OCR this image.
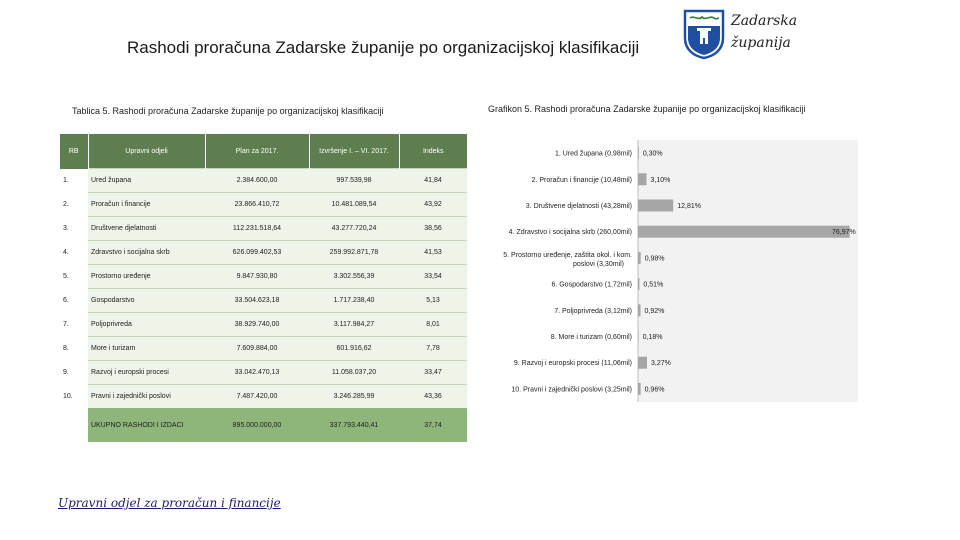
Rashodi proračuna Zadarske županije po organizacijskoj klasifikaciji
Zadarska
županija
Tablica 5. Rashodi proračuna Zadarske županije po organizacijskoj klasifikaciji	Grafikon 5. Rashodi proračuna Zadarske županije po organizacijskoj klasifikaciji
RB	Upravni odjeli	Plan za 2017.	Izvršenje I. – VI. 2017.	Indeks
1.	Ured župana	2.384.600,00	997.539,98	41,84
2.	Proračun i financije	23.866.410,72	10.481.089,54	43,92
3.	Društvene djelatnosti	112.231.518,64	43.277.720,24	38,56
4.	Zdravstvo i socijalna skrb	626.099.402,53	259.992.871,78	41,53
5.	Prostorno uređenje	9.847.930,80	3.302.556,39	33,54
6.	Gospodarstvo	33.504.623,18	1.717.238,40	5,13
7.	Poljoprivreda	38.929.740,00	3.117.984,27	8,01
8.	More i turizam	7.609.884,00	601.916,62	7,78
9.	Razvoj i europski procesi	33.042.470,13	11.058.037,20	33,47
10.	Pravni i zajednički poslovi	7.487.420,00	3.246.285,99	43,36
	UKUPNO RASHODI I IZDACI	895.000.000,00	337.793.440,41	37,74
1. Ured župana (0,98mil) 0,30%
2. Proračun i financije (10,48mil)	3,10%
3. Društvene djelatnosti (43,28mil)	12,81%
4. Zdravstvo i socijalna skrb (260,00mil)	76,97%
5. Prostorno uređenje, zaštita okol. i kom. poslovi (3,30mil)
0,98%
6. Gospodarstvo (1,72mil) 0,51%
7. Poljoprivreda (3,12mil) 0,92%
8. More i turizam (0,60mil) 0,18%
9. Razvoj i europski procesi (11,06mil)	3,27%
10. Pravni i zajednički poslovi (3,25mil) 0,96%
Upravni odjel za proračun i financije
